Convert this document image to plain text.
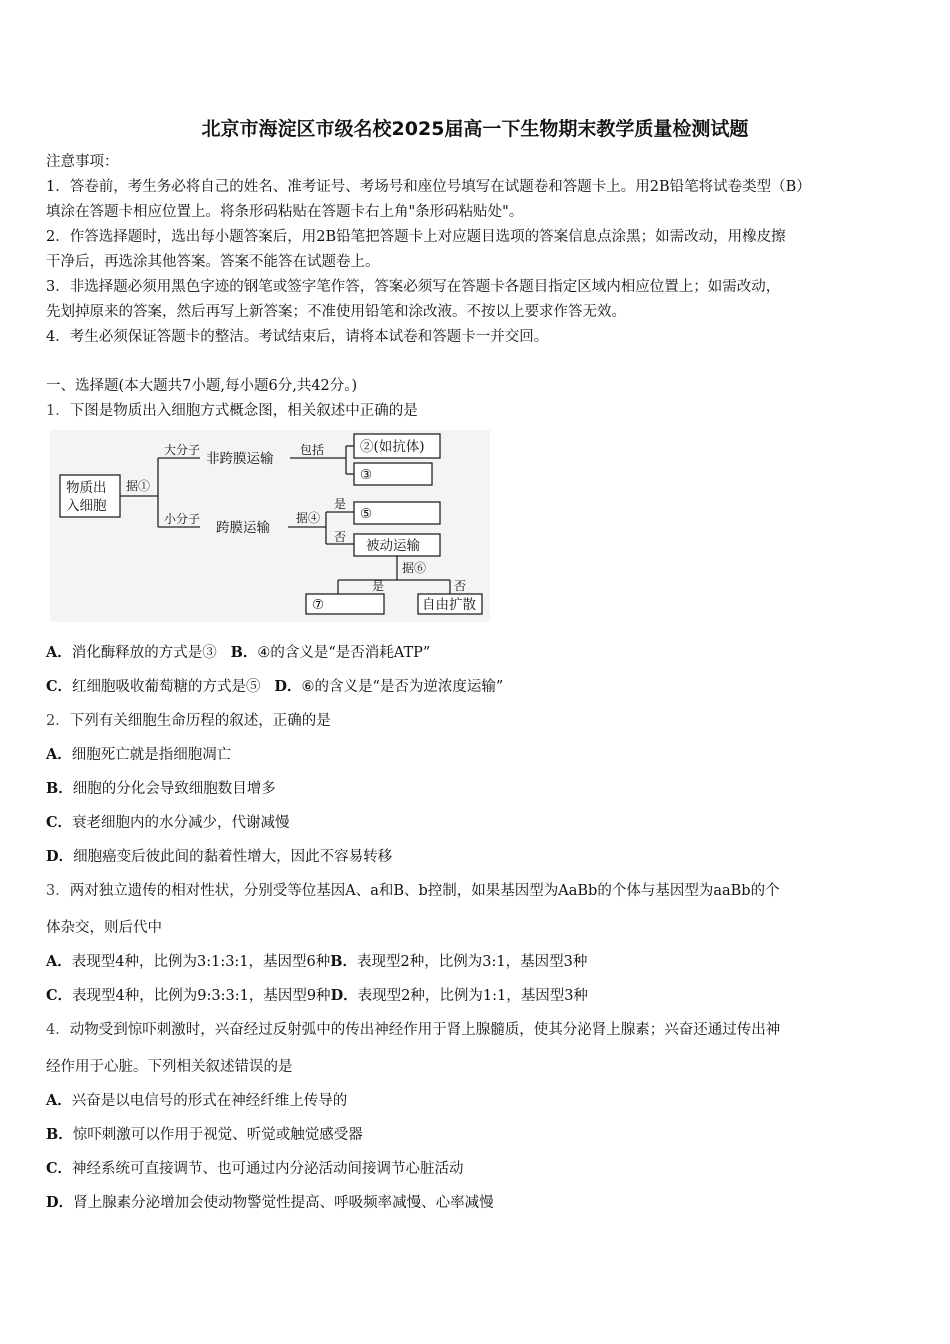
北京市海淀区市级名校2025届高一下生物期末教学质量检测试题
注意事项：
1．答卷前，考生务必将自己的姓名、准考证号、考场号和座位号填写在试题卷和答题卡上。用2B铅笔将试卷类型（B）
填涂在答题卡相应位置上。将条形码粘贴在答题卡右上角"条形码粘贴处"。
2．作答选择题时，选出每小题答案后，用2B铅笔把答题卡上对应题目选项的答案信息点涂黑；如需改动，用橡皮擦
干净后，再选涂其他答案。答案不能答在试题卷上。
3．非选择题必须用黑色字迹的钢笔或签字笔作答，答案必须写在答题卡各题目指定区域内相应位置上；如需改动，
先划掉原来的答案，然后再写上新答案；不准使用铅笔和涂改液。不按以上要求作答无效。
4．考生必须保证答题卡的整洁。考试结束后，请将本试卷和答题卡一并交回。
一、选择题(本大题共7小题,每小题6分,共42分。)
1．下图是物质出入细胞方式概念图，相关叙述中正确的是
物质出
入细胞
据①
大分子
小分子
非跨膜运输
跨膜运输
包括	②(如抗体)
③
据④
是
否
⑤
被动运输
据⑥
是	否
⑦	自由扩散
A．消化酶释放的方式是③ B．④的含义是“是否消耗ATP”
C．红细胞吸收葡萄糖的方式是⑤ D．⑥的含义是“是否为逆浓度运输”
2．下列有关细胞生命历程的叙述，正确的是
A．细胞死亡就是指细胞凋亡
B．细胞的分化会导致细胞数目增多
C．衰老细胞内的水分减少，代谢减慢
D．细胞癌变后彼此间的黏着性增大，因此不容易转移
3．两对独立遗传的相对性状，分别受等位基因A、a和B、b控制，如果基因型为AaBb的个体与基因型为aaBb的个
体杂交，则后代中
A．表现型4种，比例为3:1:3:1，基因型6种B．表现型2种，比例为3:1，基因型3种
C．表现型4种，比例为9:3:3:1，基因型9种D．表现型2种，比例为1:1，基因型3种
4．动物受到惊吓刺激时，兴奋经过反射弧中的传出神经作用于肾上腺髓质，使其分泌肾上腺素；兴奋还通过传出神
经作用于心脏。下列相关叙述错误的是
A．兴奋是以电信号的形式在神经纤维上传导的
B．惊吓刺激可以作用于视觉、听觉或触觉感受器
C．神经系统可直接调节、也可通过内分泌活动间接调节心脏活动
D．肾上腺素分泌增加会使动物警觉性提高、呼吸频率减慢、心率减慢
